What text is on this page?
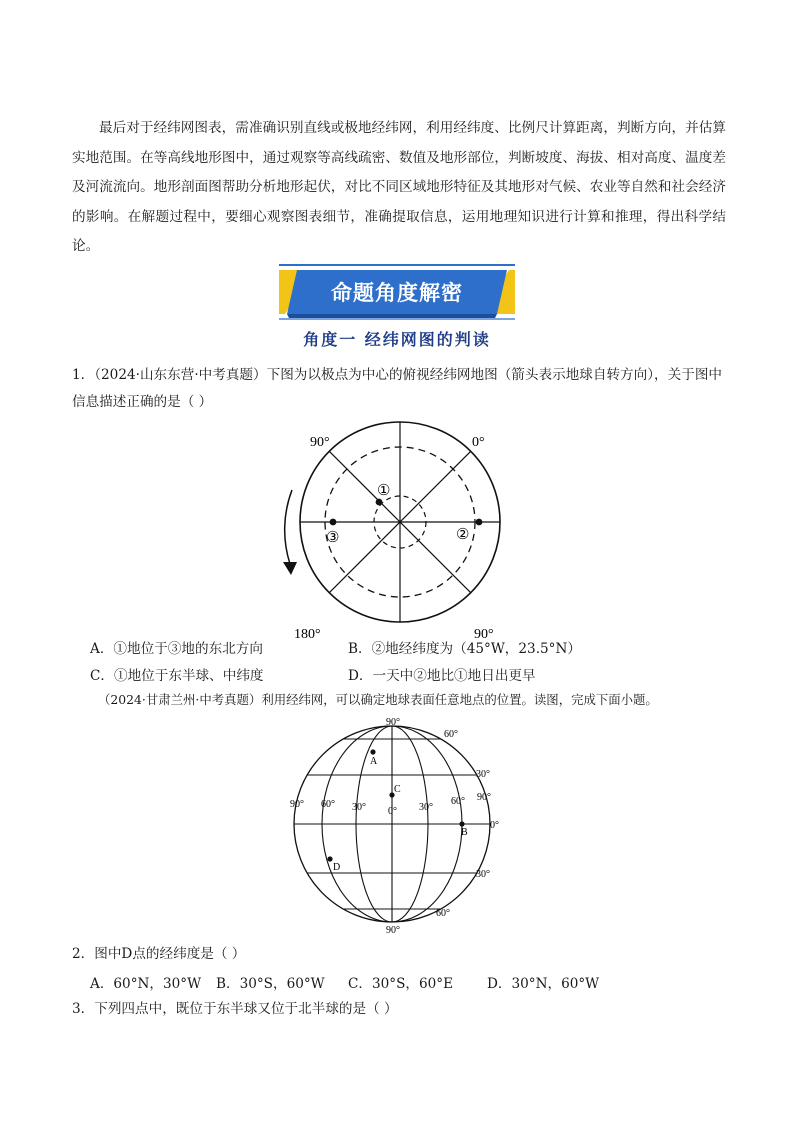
最后对于经纬网图表，需准确识别直线或极地经纬网，利用经纬度、比例尺计算距离，判断方向，并估算实地范围。在等高线地形图中，通过观察等高线疏密、数值及地形部位，判断坡度、海拔、相对高度、温度差及河流流向。地形剖面图帮助分析地形起伏，对比不同区域地形特征及其地形对气候、农业等自然和社会经济的影响。在解题过程中，要细心观察图表细节，准确提取信息，运用地理知识进行计算和推理，得出科学结论。

命题角度解密
角度一 经纬网图的判读

1．（2024·山东东营·中考真题）下图为以极点为中心的俯视经纬网地图（箭头表示地球自转方向），关于图中信息描述正确的是（ ）

90°	0°
180°	90°
①
②
③
A．①地位于③地的东北方向	B．②地经纬度为（45°W，23.5°N）
C．①地位于东半球、中纬度	D．一天中②地比①地日出更早
（2024·甘肃兰州·中考真题）利用经纬网，可以确定地球表面任意地点的位置。读图，完成下面小题。
90°
90°
60°
30°
0°
30°
60°
90° 60° 30° 0° 30°
60° 90°
A
C
B
D

2．图中D点的经纬度是（ ）

A．60°N，30°W B．30°S，60°W C．30°S，60°E D．30°N，60°W

3．下列四点中，既位于东半球又位于北半球的是（ ）
